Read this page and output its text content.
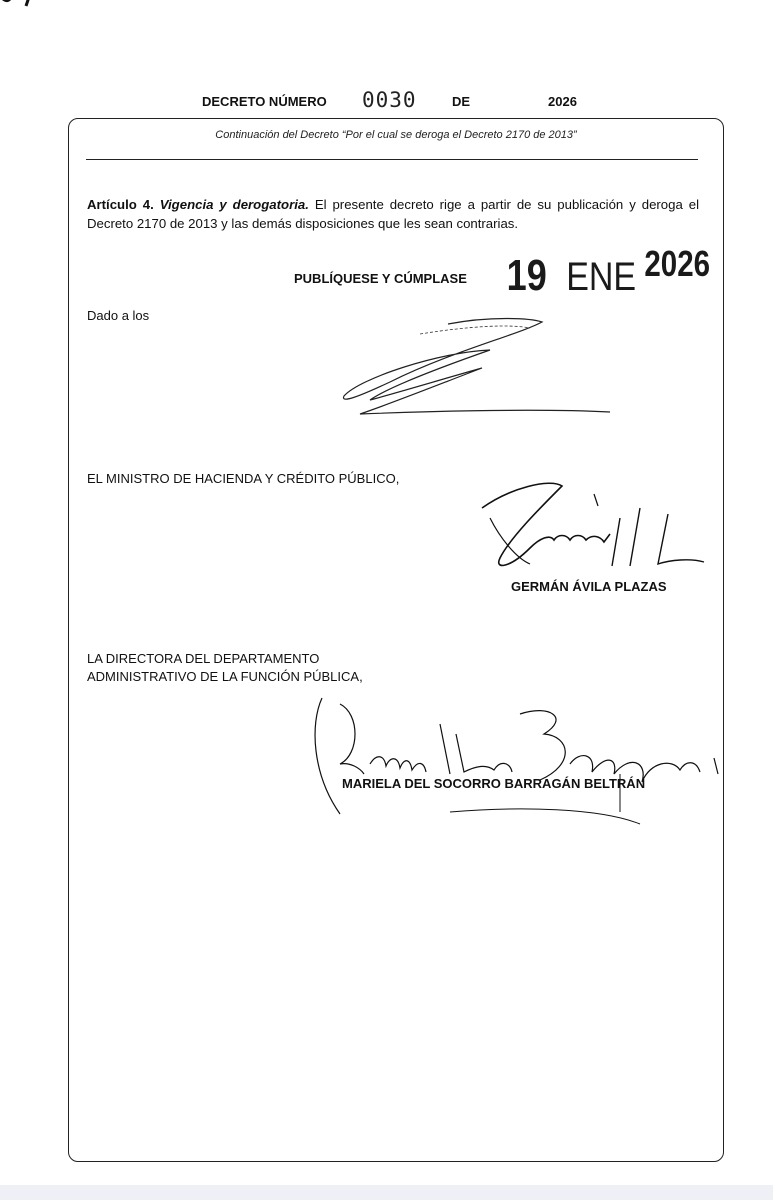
DECRETO NÚMERO 0030	DE	2026
Continuación del Decreto “Por el cual se deroga el Decreto 2170 de 2013”
Artículo 4. Vigencia y derogatoria. El presente decreto rige a partir de su publicación y deroga el Decreto 2170 de 2013 y las demás disposiciones que les sean contrarias.
PUBLÍQUESE Y CÚMPLASE 19 ENE 2026
Dado a los
EL MINISTRO DE HACIENDA Y CRÉDITO PÚBLICO,
GERMÁN ÁVILA PLAZAS
LA DIRECTORA DEL DEPARTAMENTO
ADMINISTRATIVO DE LA FUNCIÓN PÚBLICA,
MARIELA DEL SOCORRO BARRAGÁN BELTRÁN
